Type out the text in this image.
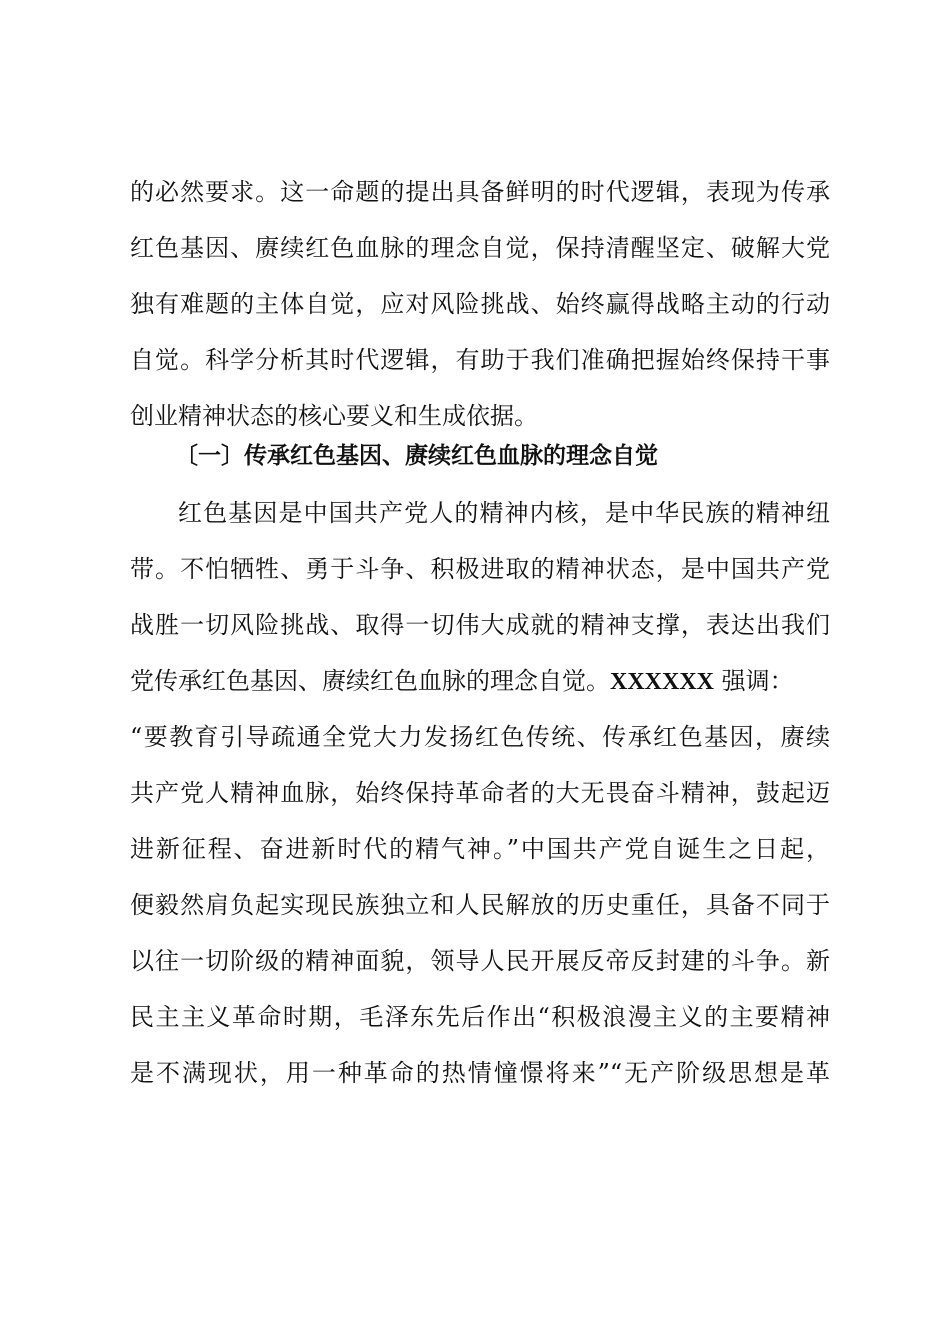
的必然要求。这一命题的提出具备鲜明的时代逻辑，表现为传承
红色基因、赓续红色血脉的理念自觉，保持清醒坚定、破解大党
独有难题的主体自觉，应对风险挑战、始终赢得战略主动的行动
自觉。科学分析其时代逻辑，有助于我们准确把握始终保持干事
创业精神状态的核心要义和生成依据。
〔一〕传承红色基因、赓续红色血脉的理念自觉
红色基因是中国共产党人的精神内核，是中华民族的精神纽
带。不怕牺牲、勇于斗争、积极进取的精神状态，是中国共产党
战胜一切风险挑战、取得一切伟大成就的精神支撑，表达出我们
党传承红色基因、赓续红色血脉的理念自觉。XXXXXX 强调：
“要教育引导疏通全党大力发扬红色传统、传承红色基因，赓续
共产党人精神血脉，始终保持革命者的大无畏奋斗精神，鼓起迈
进新征程、奋进新时代的精气神。”中国共产党自诞生之日起，
便毅然肩负起实现民族独立和人民解放的历史重任，具备不同于
以往一切阶级的精神面貌，领导人民开展反帝反封建的斗争。新
民主主义革命时期，毛泽东先后作出“积极浪漫主义的主要精神
是不满现状，用一种革命的热情憧憬将来”“无产阶级思想是革
